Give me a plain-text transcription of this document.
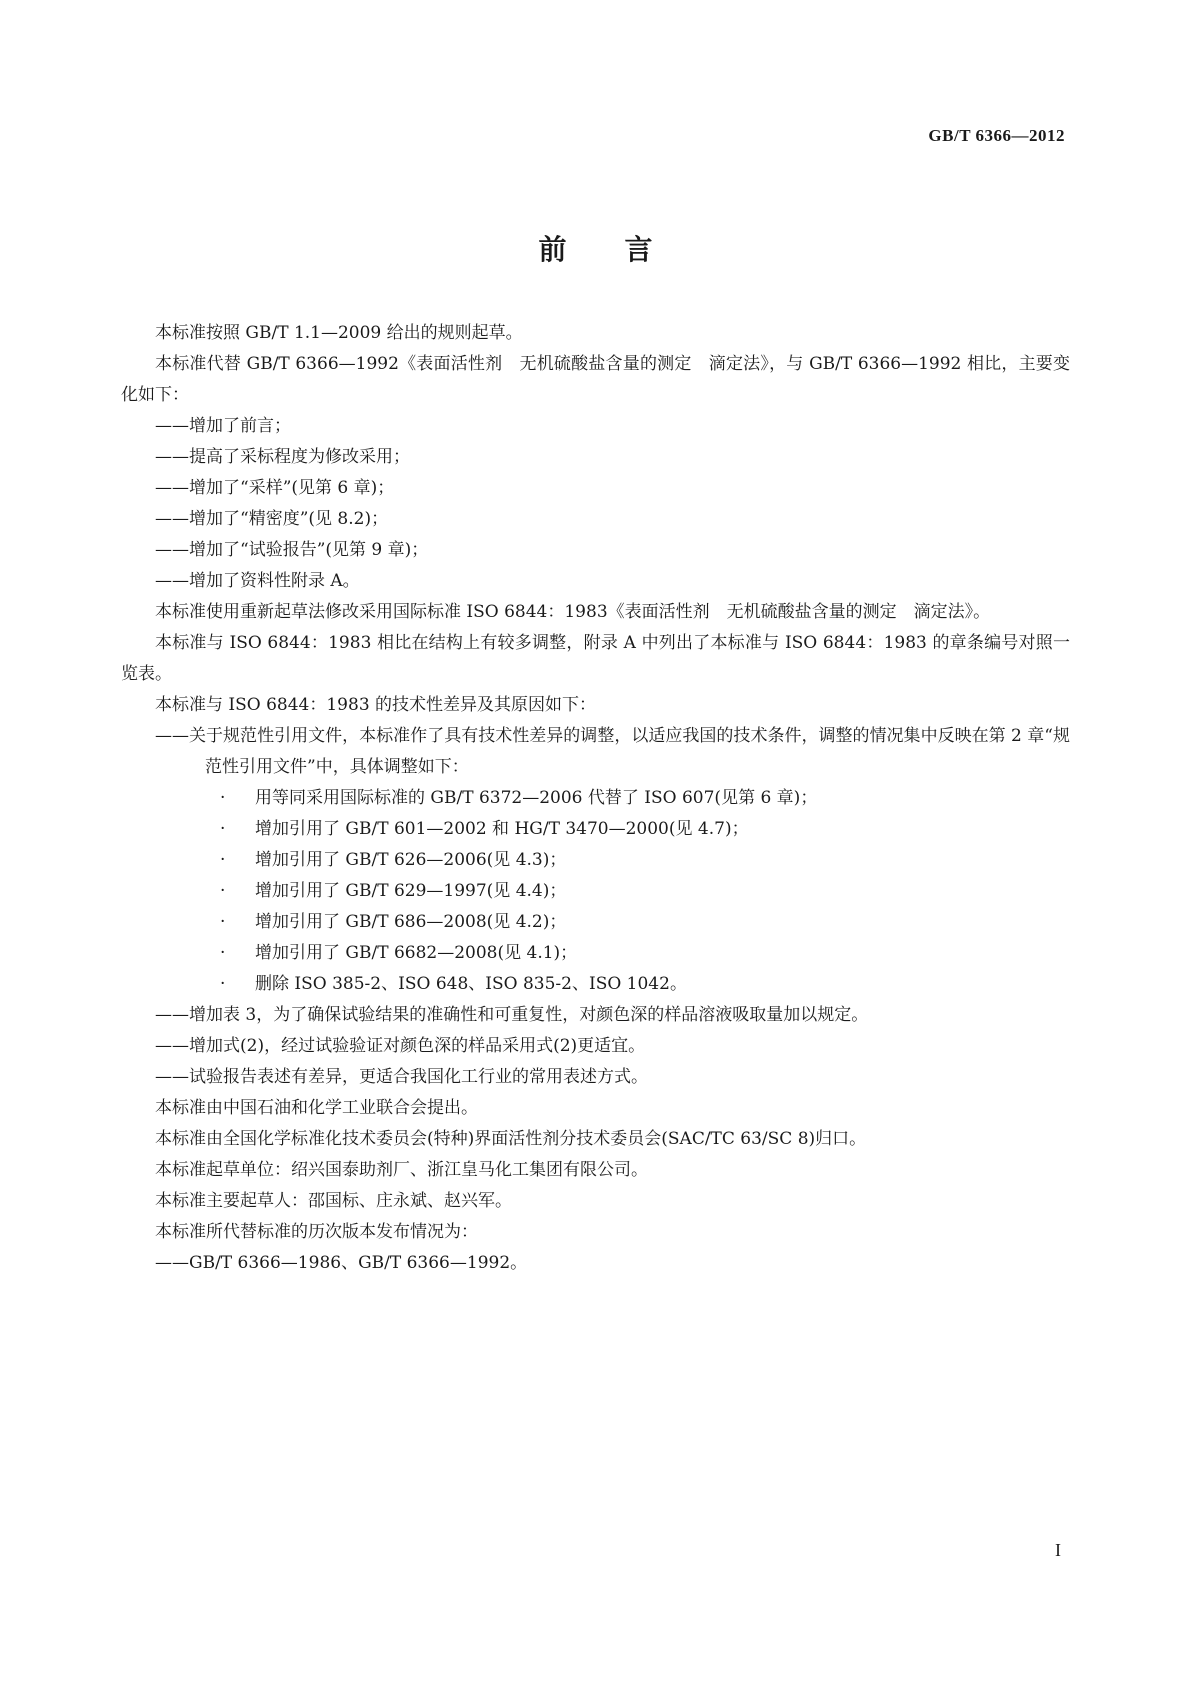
GB/T 6366—2012
前言

本标准按照 GB/T 1.1—2009 给出的规则起草。

本标准代替 GB/T 6366—1992《表面活性剂　无机硫酸盐含量的测定　滴定法》，与 GB/T 6366—1992 相比，主要变化如下：

——增加了前言；

——提高了采标程度为修改采用；

——增加了“采样”(见第 6 章)；

——增加了“精密度”(见 8.2)；

——增加了“试验报告”(见第 9 章)；

——增加了资料性附录 A。

本标准使用重新起草法修改采用国际标准 ISO 6844：1983《表面活性剂　无机硫酸盐含量的测定　滴定法》。

本标准与 ISO 6844：1983 相比在结构上有较多调整，附录 A 中列出了本标准与 ISO 6844：1983 的章条编号对照一览表。

本标准与 ISO 6844：1983 的技术性差异及其原因如下：

——关于规范性引用文件，本标准作了具有技术性差异的调整，以适应我国的技术条件，调整的情况集中反映在第 2 章“规范性引用文件”中，具体调整如下：

· 用等同采用国际标准的 GB/T 6372—2006 代替了 ISO 607(见第 6 章)；

· 增加引用了 GB/T 601—2002 和 HG/T 3470—2000(见 4.7)；

· 增加引用了 GB/T 626—2006(见 4.3)；

· 增加引用了 GB/T 629—1997(见 4.4)；

· 增加引用了 GB/T 686—2008(见 4.2)；

· 增加引用了 GB/T 6682—2008(见 4.1)；

· 删除 ISO 385-2、ISO 648、ISO 835-2、ISO 1042。

——增加表 3，为了确保试验结果的准确性和可重复性，对颜色深的样品溶液吸取量加以规定。

——增加式(2)，经过试验验证对颜色深的样品采用式(2)更适宜。

——试验报告表述有差异，更适合我国化工行业的常用表述方式。

本标准由中国石油和化学工业联合会提出。

本标准由全国化学标准化技术委员会(特种)界面活性剂分技术委员会(SAC/TC 63/SC 8)归口。

本标准起草单位：绍兴国泰助剂厂、浙江皇马化工集团有限公司。

本标准主要起草人：邵国标、庄永斌、赵兴军。

本标准所代替标准的历次版本发布情况为：

——GB/T 6366—1986、GB/T 6366—1992。

I
